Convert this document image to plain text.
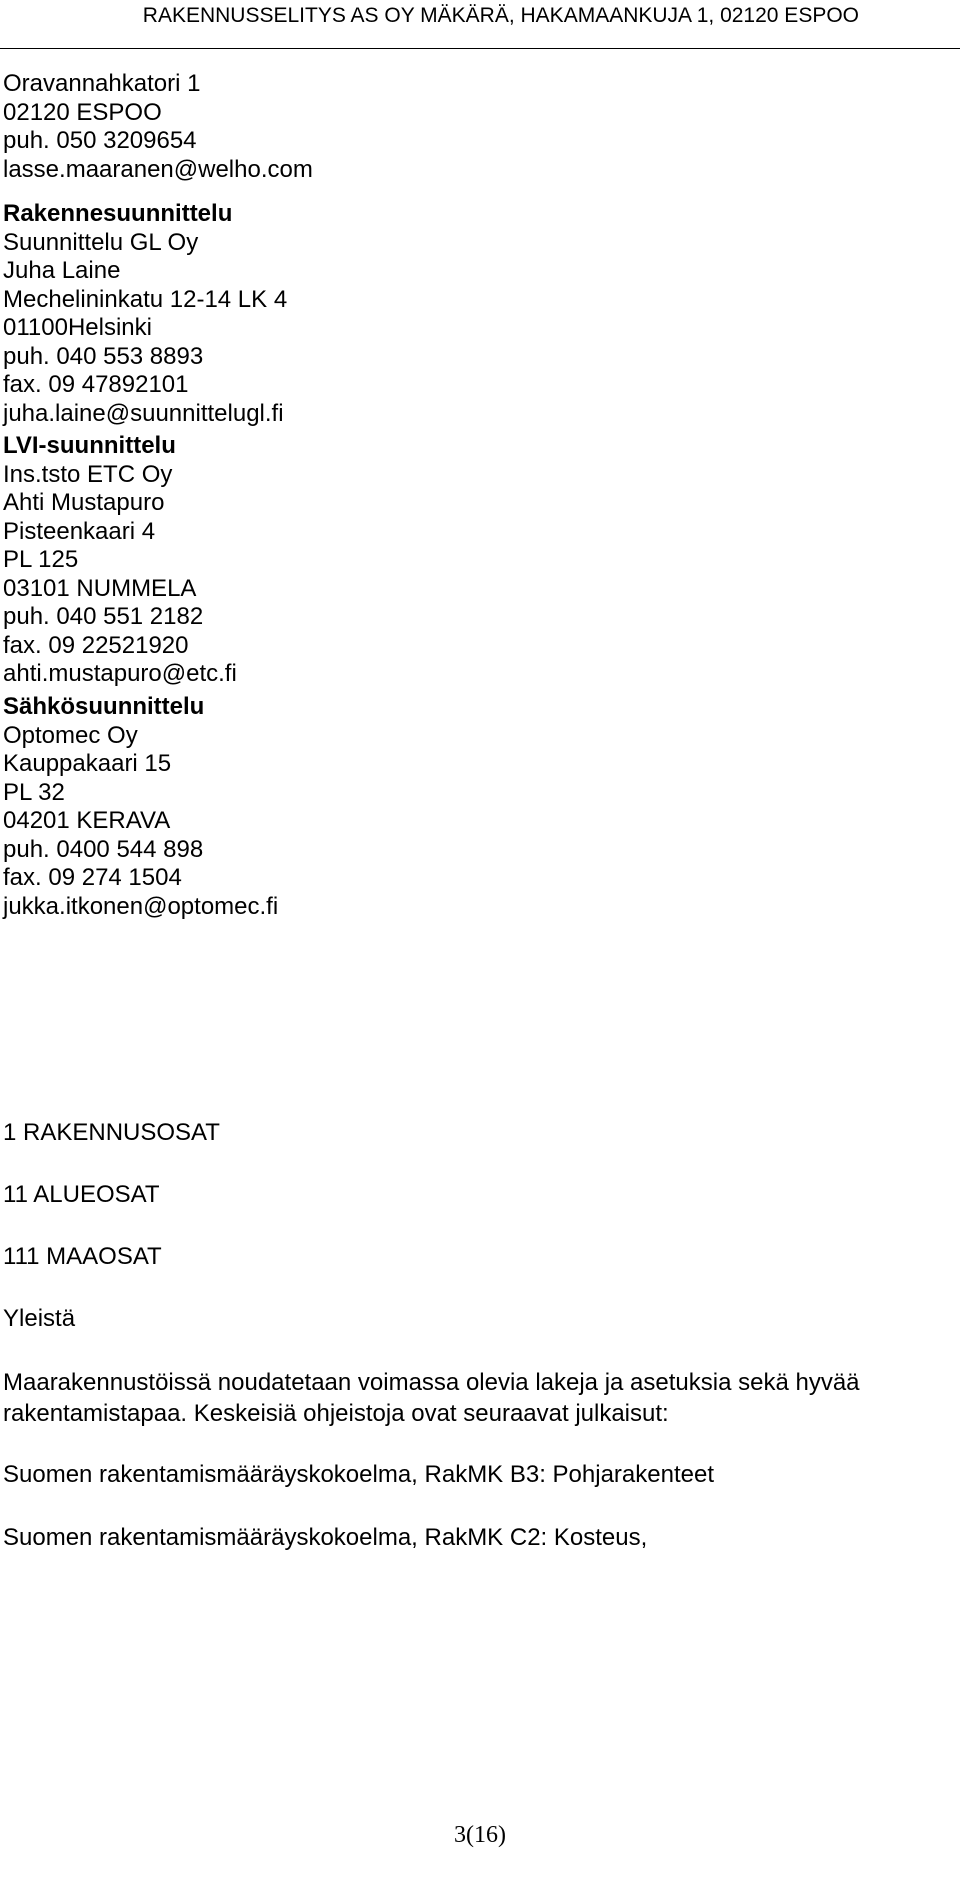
RAKENNUSSELITYS AS OY MÄKÄRÄ, HAKAMAANKUJA 1, 02120 ESPOO
Oravannahkatori 1
02120 ESPOO
puh. 050 3209654
lasse.maaranen@welho.com
Rakennesuunnittelu
Suunnittelu GL Oy
Juha Laine
Mechelininkatu 12-14 LK 4
01100Helsinki
puh. 040 553 8893
fax. 09 47892101
juha.laine@suunnittelugl.fi
LVI-suunnittelu
Ins.tsto ETC Oy
Ahti Mustapuro
Pisteenkaari 4
PL 125
03101 NUMMELA
puh. 040 551 2182
fax. 09 22521920
ahti.mustapuro@etc.fi
Sähkösuunnittelu
Optomec Oy
Kauppakaari 15
PL 32
04201 KERAVA
puh. 0400 544 898
fax. 09 274 1504
jukka.itkonen@optomec.fi
1 RAKENNUSOSAT
11 ALUEOSAT
111 MAAOSAT
Yleistä
Maarakennustöissä noudatetaan voimassa olevia lakeja ja asetuksia sekä hyvää rakentamistapaa. Keskeisiä ohjeistoja ovat seuraavat julkaisut:
Suomen rakentamismääräyskokoelma, RakMK B3: Pohjarakenteet
Suomen rakentamismääräyskokoelma, RakMK C2: Kosteus,
3(16)
